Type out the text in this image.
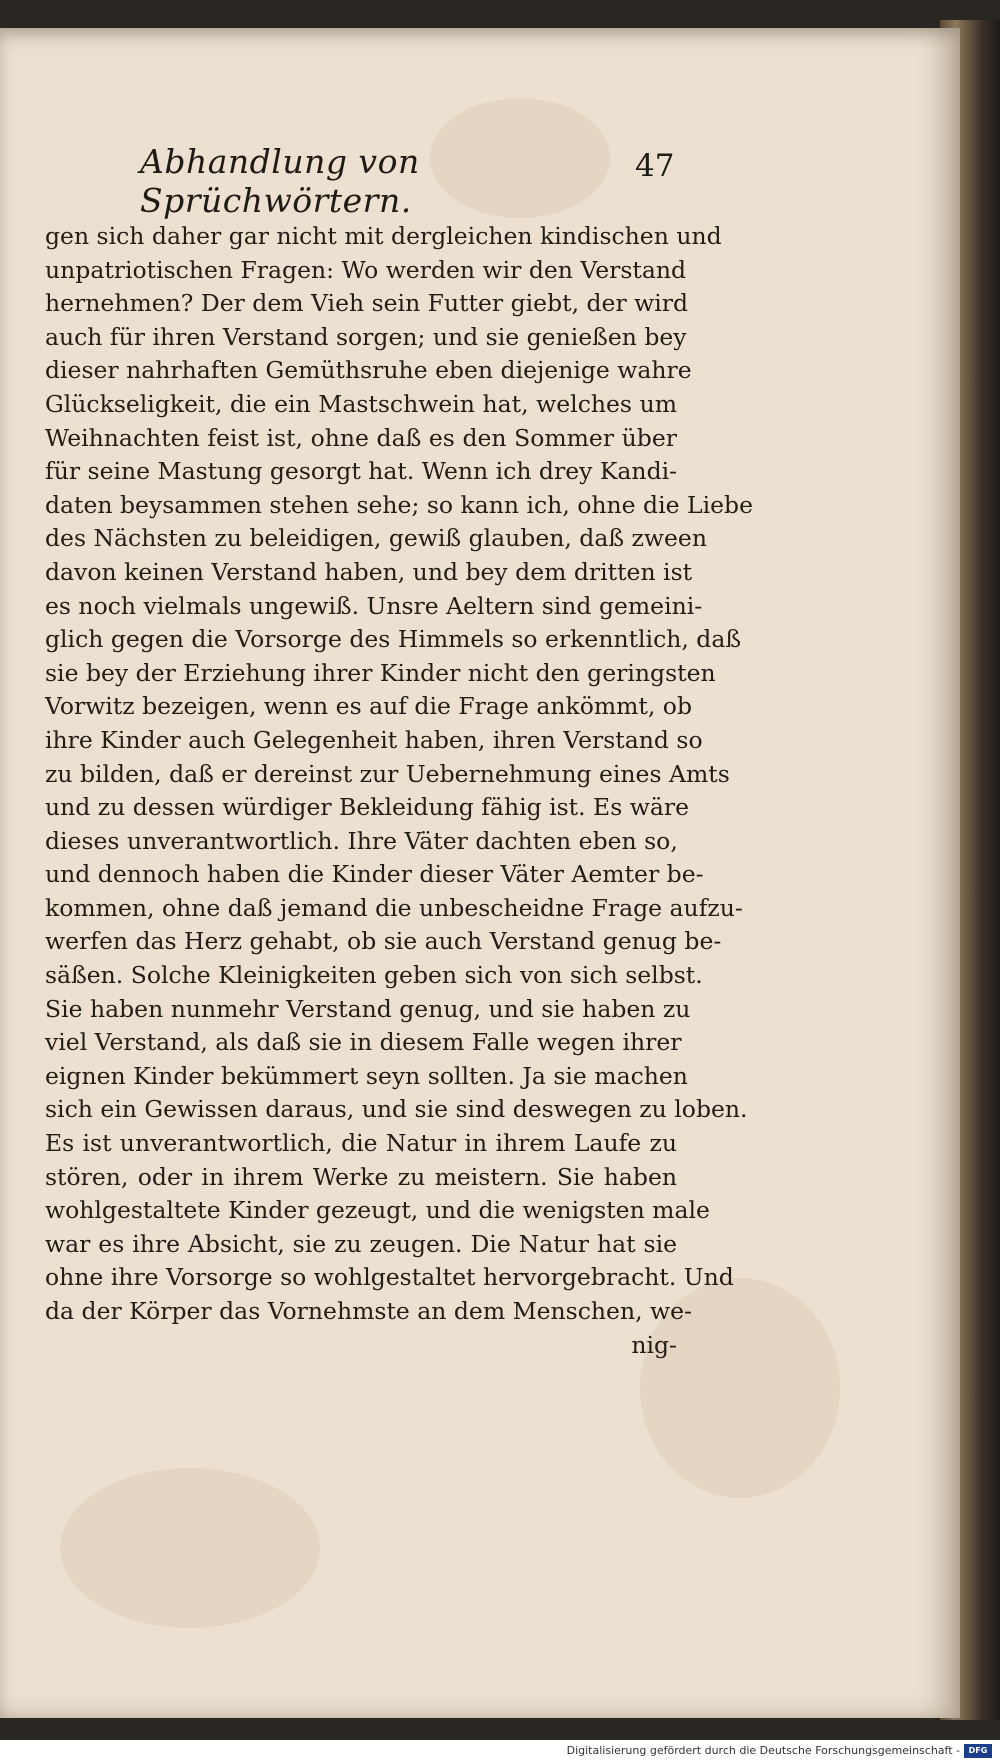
Abhandlung von Sprüchwörtern.
47
gen sich daher gar nicht mit dergleichen kindischen und
unpatriotischen Fragen: Wo werden wir den Verstand
hernehmen? Der dem Vieh sein Futter giebt, der wird
auch für ihren Verstand sorgen; und sie genießen bey
dieser nahrhaften Gemüthsruhe eben diejenige wahre
Glückseligkeit, die ein Mastschwein hat, welches um
Weihnachten feist ist, ohne daß es den Sommer über
für seine Mastung gesorgt hat. Wenn ich drey Kandi-
daten beysammen stehen sehe; so kann ich, ohne die Liebe
des Nächsten zu beleidigen, gewiß glauben, daß zween
davon keinen Verstand haben, und bey dem dritten ist
es noch vielmals ungewiß. Unsre Aeltern sind gemeini-
glich gegen die Vorsorge des Himmels so erkenntlich, daß
sie bey der Erziehung ihrer Kinder nicht den geringsten
Vorwitz bezeigen, wenn es auf die Frage ankömmt, ob
ihre Kinder auch Gelegenheit haben, ihren Verstand so
zu bilden, daß er dereinst zur Uebernehmung eines Amts
und zu dessen würdiger Bekleidung fähig ist. Es wäre
dieses unverantwortlich. Ihre Väter dachten eben so,
und dennoch haben die Kinder dieser Väter Aemter be-
kommen, ohne daß jemand die unbescheidne Frage aufzu-
werfen das Herz gehabt, ob sie auch Verstand genug be-
säßen. Solche Kleinigkeiten geben sich von sich selbst.
Sie haben nunmehr Verstand genug, und sie haben zu
viel Verstand, als daß sie in diesem Falle wegen ihrer
eignen Kinder bekümmert seyn sollten. Ja sie machen
sich ein Gewissen daraus, und sie sind deswegen zu loben.
Es ist unverantwortlich, die Natur in ihrem Laufe zu
stören, oder in ihrem Werke zu meistern. Sie haben
wohlgestaltete Kinder gezeugt, und die wenigsten male
war es ihre Absicht, sie zu zeugen. Die Natur hat sie
ohne ihre Vorsorge so wohlgestaltet hervorgebracht. Und
da der Körper das Vornehmste an dem Menschen, we-
nig-
Digitalisierung gefördert durch die Deutsche Forschungsgemeinschaft -	DFG
